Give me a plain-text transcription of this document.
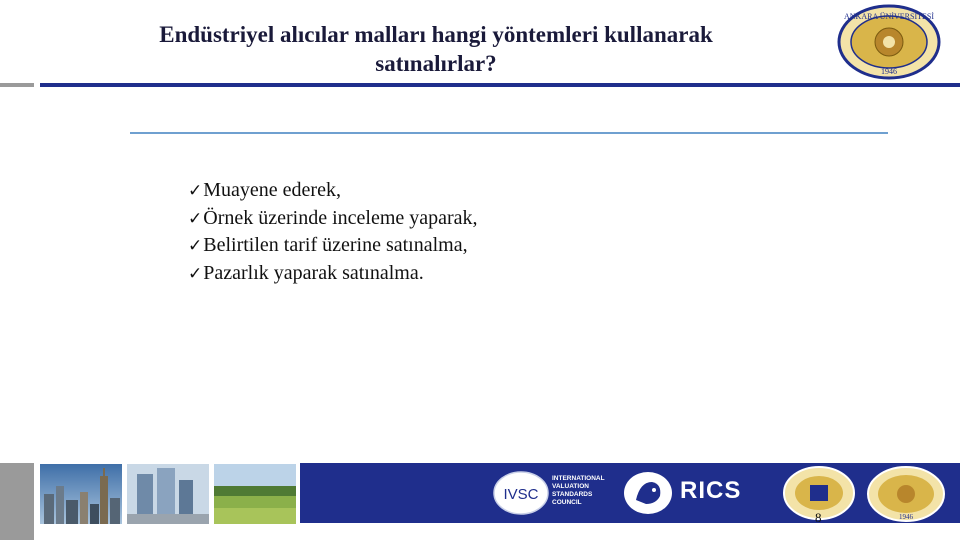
Endüstriyel alıcılar malları hangi yöntemleri kullanarak satınalırlar?
ANKARA ÜNİVERSİTESİ
1946
✓Muayene ederek,
✓Örnek üzerinde inceleme yaparak,
✓Belirtilen tarif üzerine satınalma,
✓Pazarlık yaparak satınalma.
IVSC
INTERNATIONAL
VALUATION
STANDARDS
COUNCIL	RICS
1946
8
